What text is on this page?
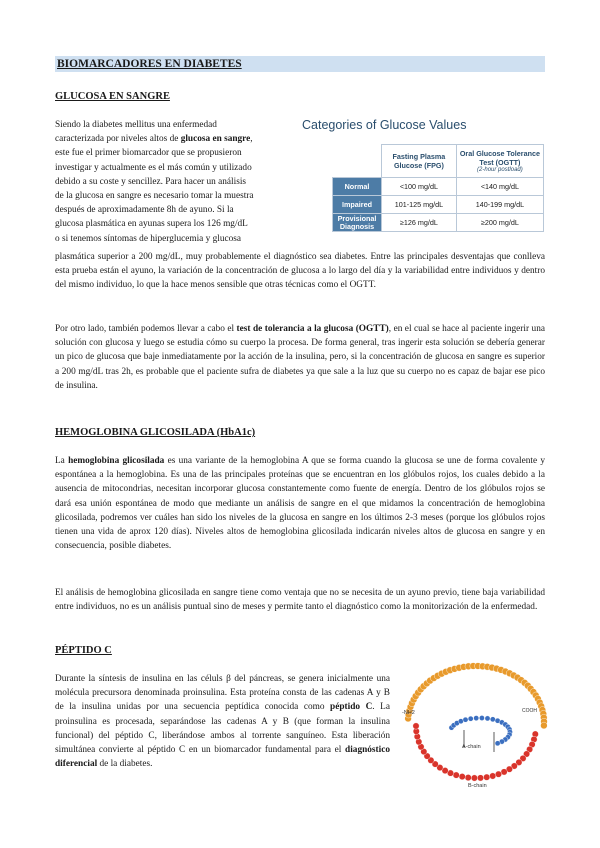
BIOMARCADORES EN DIABETES
GLUCOSA EN SANGRE
Siendo la diabetes mellitus una enfermedad
caracterizada por niveles altos de glucosa en sangre,
este fue el primer biomarcador que se propusieron
investigar y actualmente es el más común y utilizado
debido a su coste y sencillez. Para hacer un análisis
de la glucosa en sangre es necesario tomar la muestra
después de aproximadamente 8h de ayuno. Si la
glucosa plasmática en ayunas supera los 126 mg/dL
o si tenemos síntomas de hiperglucemia y glucosa
plasmática superior a 200 mg/dL, muy probablemente el diagnóstico sea diabetes. Entre las principales desventajas que conlleva esta prueba están el ayuno, la variación de la concentración de glucosa a lo largo del día y la variabilidad entre individuos y dentro del mismo individuo, lo que la hace menos sensible que otras técnicas como el OGTT.
Por otro lado, también podemos llevar a cabo el test de tolerancia a la glucosa (OGTT), en el cual se hace al paciente ingerir una solución con glucosa y luego se estudia cómo su cuerpo la procesa. De forma general, tras ingerir esta solución se debería generar un pico de glucosa que baje inmediatamente por la acción de la insulina, pero, si la concentración de glucosa en sangre es superior a 200 mg/dL tras 2h, es probable que el paciente sufra de diabetes ya que sale a la luz que su cuerpo no es capaz de bajar ese pico de insulina.
Categories of Glucose Values
	Fasting Plasma Glucose (FPG)	Oral Glucose Tolerance Test (OGTT)
(2-hour postload)

Normal	<100 mg/dL	<140 mg/dL
Impaired	101-125 mg/dL	140-199 mg/dL
Provisional Diagnosis	≥126 mg/dL	≥200 mg/dL
HEMOGLOBINA GLICOSILADA (HbA1c)
La hemoglobina glicosilada es una variante de la hemoglobina A que se forma cuando la glucosa se une de forma covalente y espontánea a la hemoglobina. Es una de las principales proteínas que se encuentran en los glóbulos rojos, los cuales debido a la ausencia de mitocondrias, necesitan incorporar glucosa constantemente como fuente de energía. Dentro de los glóbulos rojos se dará esa unión espontánea de modo que mediante un análisis de sangre en el que midamos la concentración de hemoglobina glicosilada, podremos ver cuáles han sido los niveles de la glucosa en sangre en los últimos 2-3 meses (porque los glóbulos rojos tienen una vida de aprox 120 días). Niveles altos de hemoglobina glicosilada indicarán niveles altos de glucosa en sangre y en consecuencia, posible diabetes.
El análisis de hemoglobina glicosilada en sangre tiene como ventaja que no se necesita de un ayuno previo, tiene baja variabilidad entre individuos, no es un análisis puntual sino de meses y permite tanto el diagnóstico como la monitorización de la enfermedad.
PÉPTIDO C
Durante la síntesis de insulina en las céluls β del páncreas, se genera inicialmente una molécula precursora denominada proinsulina. Esta proteína consta de las cadenas A y B de la insulina unidas por una secuencia peptídica conocida como péptido C. La proinsulina es procesada, separándose las cadenas A y B (que forman la insulina funcional) del péptido C, liberándose ambos al torrente sanguíneo. Esta liberación simultánea convierte al péptido C en un biomarcador fundamental para el diagnóstico diferencial de la diabetes.
C-peptide
A-chain
B-chain
-NH2	COOH
